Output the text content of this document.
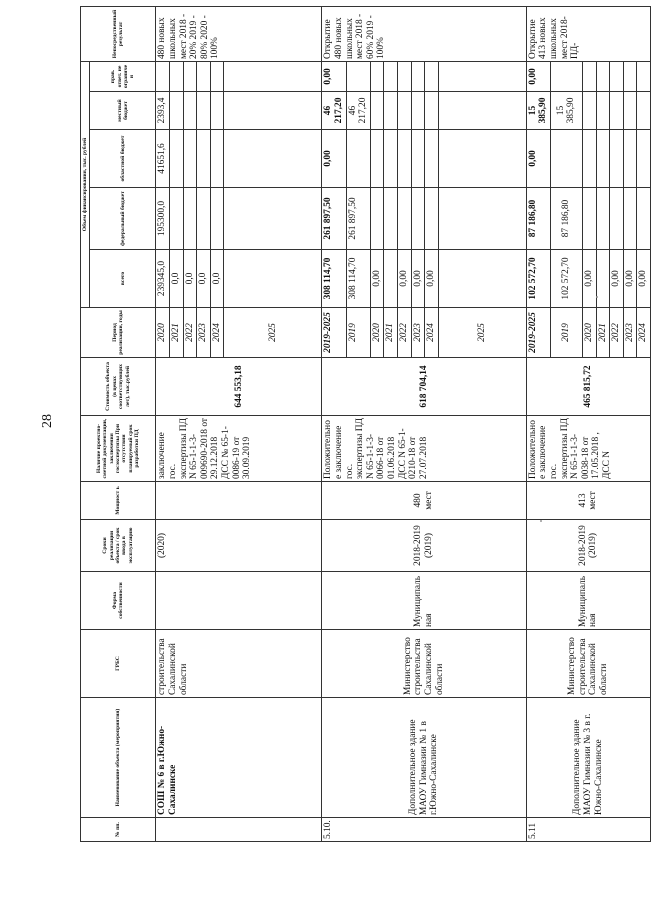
28
№ пп.	Наименование объекта (мероприятия)	ГРБС	Форма собственности	Сроки реализации объекта / срок ввода в эксплуатацию	Мощност ь	Наличие проектно-сметной документации, заключения госэкспертизы При отсутствии планируемый срок разработки ПД	Стоимость объекта (в ценах соответствующих лет), тыс.рублей	Период реализации, годы	Объем финансирования, тыс. рублей					Непосредственный результат
									всего	федеральный бюджет	областной бюджет	местный бюджет	прав. ответ. не ограничен	
	СОШ № 6 в г.Южно-Сахалинске	строительства Сахалинской области		(2020)		заключение гос. экспертизы ПД N 65-1-1-3-009690-2018 от 29.12.2018 ДСС № 65-1-0086-19 от 30.09.2019	644 553,18	2020	239345,0	195300,0	41651,6	2393,4		480 новых школьных мест 2018 - 20% 2019 - 80% 2020 - 100%
								2021	0,0					
								2022	0,0					
								2023	0,0					
								2024	0,0					
								2025						
5.10.	Дополнительное здание МАОУ Гимназии № 1 в г.Южно-Сахалинске	Министерство строительства Сахалинской области	Муниципальная	2018-2019 (2019)	480 мест	Положительное заключение гос. экспертизы ПД N 65-1-1-3-0066-18 от 01.06.2018 ДСС N 65-1-0210-18 от 27.07.2018	618 704,14	2019-2025	308 114,70	261 897,50	0,00	46 217,20	0,00	Открытие 480 новых школьных мест 2018 - 60% 2019 - 100%
								2019	308 114,70	261 897,50		46 217,20		
								2020	0,00					
								2021						
								2022	0,00					
								2023	0,00					
								2024	0,00					
								2025						
5.11	Дополнительное здание МАОУ Гимназии № 3 в г. Южно-Сахалинске	Министерство строительства Сахалинской области	Муниципальная	2018-2019 (2019)	413 мест	Положительное заключение гос. экспертизы ПД N 65-1-1-3-0038-18 от 17.05.2018 , ДСС N	465 815,72	2019-2025	102 572,70	87 186,80	0,00	15 385,90	0,00	Открытие 413 новых школьных мест 2018-ПД-
								2019	102 572,70	87 186,80		15 385,90		
								2020	0,00					
								2021						
								2022	0,00					
								2023	0,00					
								2024	0,00					
